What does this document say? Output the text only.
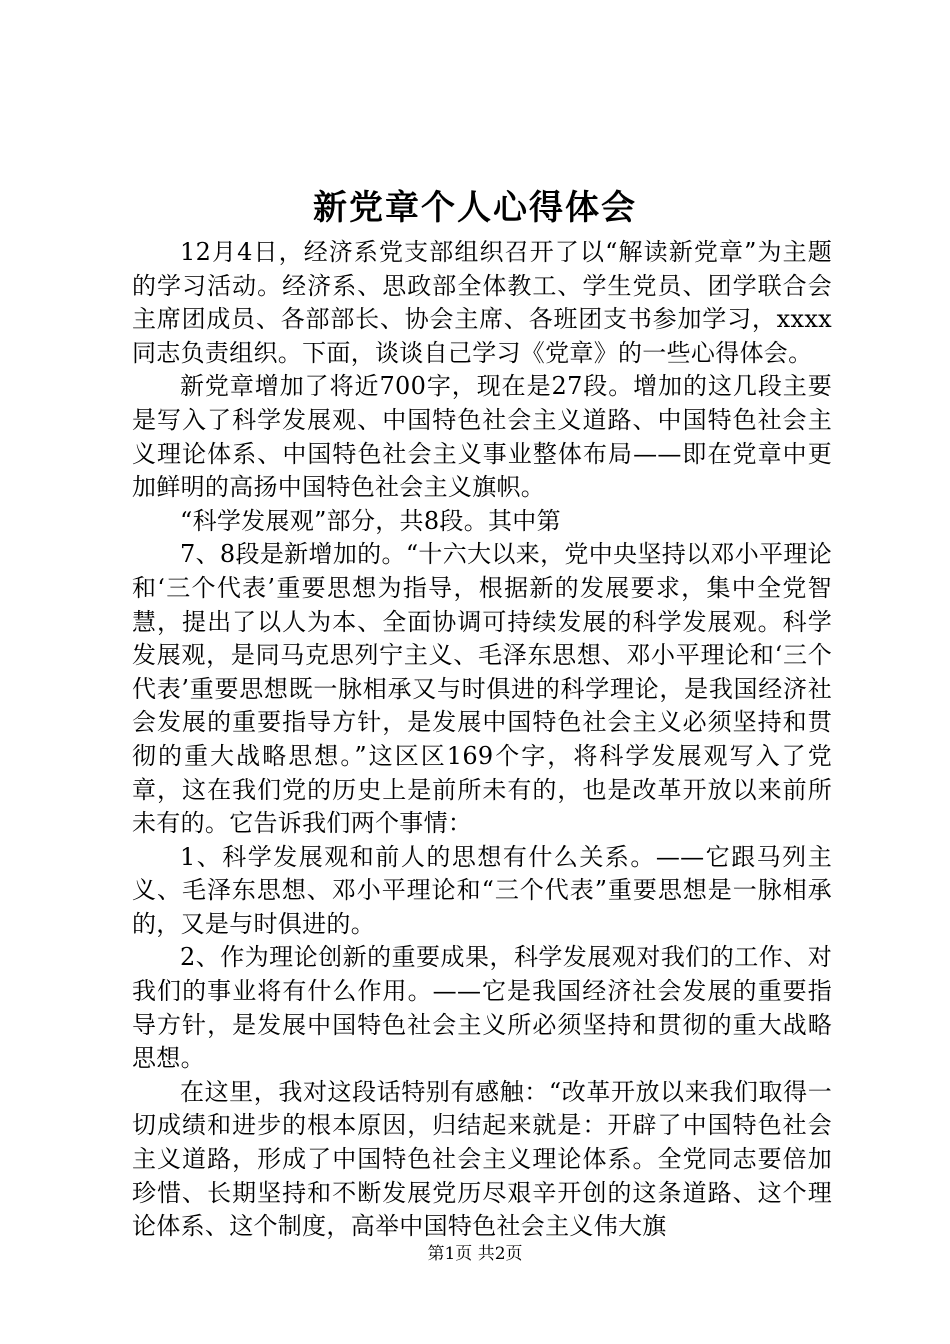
新党章个人心得体会

12月4日，经济系党支部组织召开了以“解读新党章”为主题的学习活动。经济系、思政部全体教工、学生党员、团学联合会主席团成员、各部部长、协会主席、各班团支书参加学习，xxxx同志负责组织。下面，谈谈自己学习《党章》的一些心得体会。

新党章增加了将近700字，现在是27段。增加的这几段主要是写入了科学发展观、中国特色社会主义道路、中国特色社会主义理论体系、中国特色社会主义事业整体布局——即在党章中更加鲜明的高扬中国特色社会主义旗帜。

“科学发展观”部分，共8段。其中第

7、8段是新增加的。“十六大以来，党中央坚持以邓小平理论和‘三个代表’重要思想为指导，根据新的发展要求，集中全党智慧，提出了以人为本、全面协调可持续发展的科学发展观。科学发展观，是同马克思列宁主义、毛泽东思想、邓小平理论和‘三个代表’重要思想既一脉相承又与时俱进的科学理论，是我国经济社会发展的重要指导方针，是发展中国特色社会主义必须坚持和贯彻的重大战略思想。”这区区169个字，将科学发展观写入了党章，这在我们党的历史上是前所未有的，也是改革开放以来前所未有的。它告诉我们两个事情：

1、科学发展观和前人的思想有什么关系。——它跟马列主义、毛泽东思想、邓小平理论和“三个代表”重要思想是一脉相承的，又是与时俱进的。

2、作为理论创新的重要成果，科学发展观对我们的工作、对我们的事业将有什么作用。——它是我国经济社会发展的重要指导方针，是发展中国特色社会主义所必须坚持和贯彻的重大战略思想。

在这里，我对这段话特别有感触：“改革开放以来我们取得一切成绩和进步的根本原因，归结起来就是：开辟了中国特色社会主义道路，形成了中国特色社会主义理论体系。全党同志要倍加珍惜、长期坚持和不断发展党历尽艰辛开创的这条道路、这个理论体系、这个制度，高举中国特色社会主义伟大旗

第1页 共2页
